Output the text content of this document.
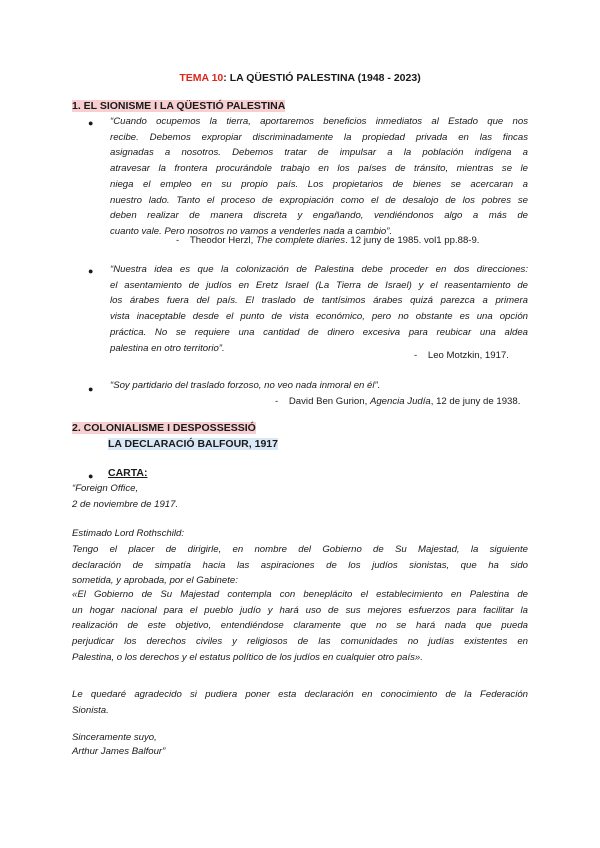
TEMA 10: LA QÜESTIÓ PALESTINA (1948 - 2023)
1. EL SIONISME I LA QÜESTIÓ PALESTINA
● “Cuando ocupemos la tierra, aportaremos beneficios inmediatos al Estado que nos
recibe. Debemos expropiar discriminadamente la propiedad privada en las fincas
asignadas a nosotros. Debemos tratar de impulsar a la población indígena a
atravesar la frontera procurándole trabajo en los países de tránsito, mientras se le
niega el empleo en su propio país. Los propietarios de bienes se acercaran a
nuestro lado. Tanto el proceso de expropiación como el de desalojo de los pobres se
deben realizar de manera discreta y engañando, vendiéndonos algo a más de
cuanto vale. Pero nosotros no vamos a venderles nada a cambio”.
- Theodor Herzl, The complete diaries. 12 juny de 1985. vol1 pp.88-9.
● “Nuestra idea es que la colonización de Palestina debe proceder en dos direcciones:
el asentamiento de judíos en Eretz Israel (La Tierra de Israel) y el reasentamiento de
los árabes fuera del país. El traslado de tantísimos árabes quizá parezca a primera
vista inaceptable desde el punto de vista económico, pero no obstante es una opción
práctica. No se requiere una cantidad de dinero excesiva para reubicar una aldea
palestina en otro territorio”.
- Leo Motzkin, 1917.
● “Soy partidario del traslado forzoso, no veo nada inmoral en él”.
- David Ben Gurion, Agencia Judía, 12 de juny de 1938.
2. COLONIALISME I DESPOSSESSIÓ
LA DECLARACIÓ BALFOUR, 1917
● CARTA:
“Foreign Office,
2 de noviembre de 1917.
Estimado Lord Rothschild:
Tengo el placer de dirigirle, en nombre del Gobierno de Su Majestad, la siguiente
declaración de simpatía hacia las aspiraciones de los judíos sionistas, que ha sido
sometida, y aprobada, por el Gabinete:
«El Gobierno de Su Majestad contempla con beneplácito el establecimiento en Palestina de
un hogar nacional para el pueblo judío y hará uso de sus mejores esfuerzos para facilitar la
realización de este objetivo, entendiéndose claramente que no se hará nada que pueda
perjudicar los derechos civiles y religiosos de las comunidades no judías existentes en
Palestina, o los derechos y el estatus político de los judíos en cualquier otro país».
Le quedaré agradecido si pudiera poner esta declaración en conocimiento de la Federación
Sionista.
Sinceramente suyo,
Arthur James Balfour”
